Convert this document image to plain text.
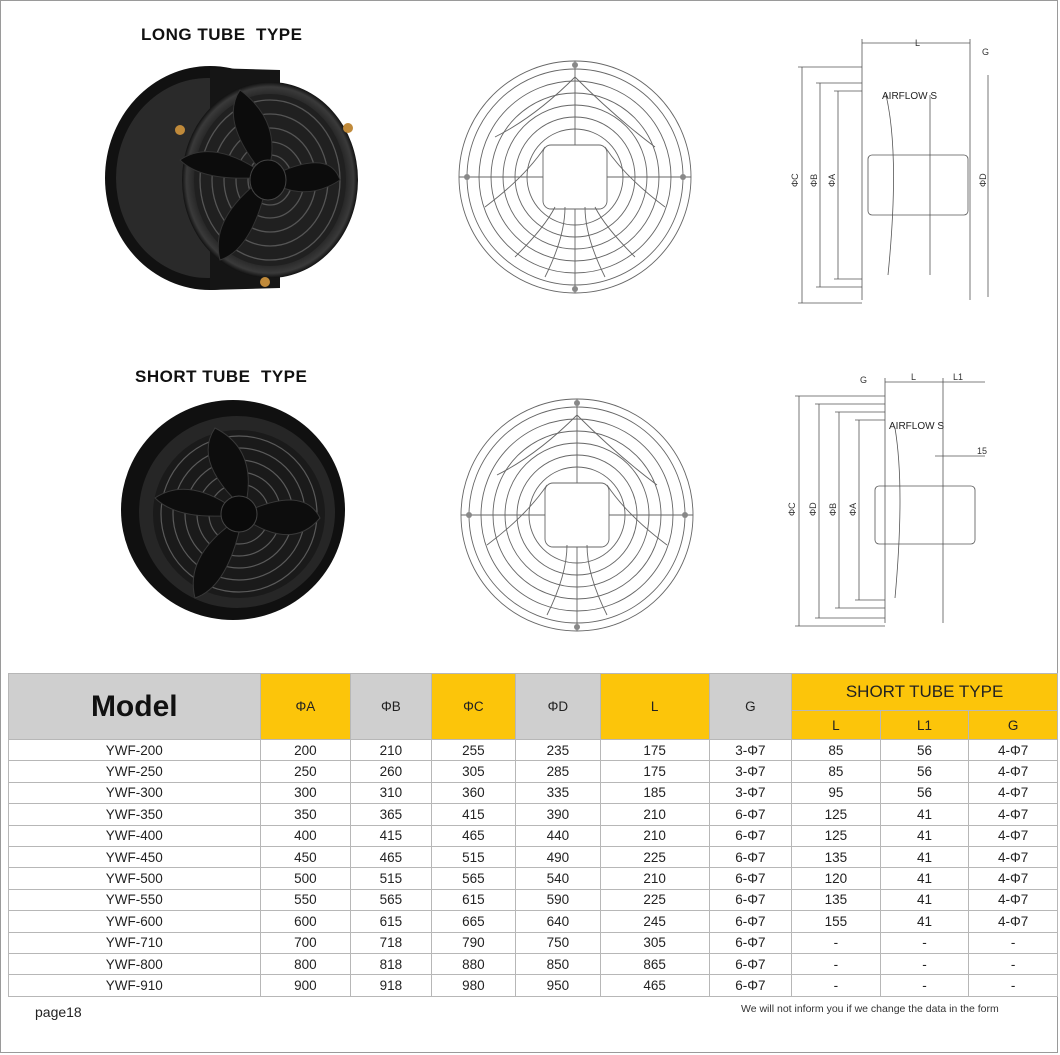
LONG TUBE  TYPE	L
G
AIRFLOW S
ΦC ΦB ΦA	ΦD
SHORT TUBE  TYPE	G	L	L1
15
AIRFLOW S
ΦC ΦD ΦB ΦA
Model	ΦA	ΦB	ΦC	ΦD	L	G	SHORT TUBE TYPE		
							L	L1	G
YWF-200	200	210	255	235	175	3-Φ7	85	56	4-Φ7
YWF-250	250	260	305	285	175	3-Φ7	85	56	4-Φ7
YWF-300	300	310	360	335	185	3-Φ7	95	56	4-Φ7
YWF-350	350	365	415	390	210	6-Φ7	125	41	4-Φ7
YWF-400	400	415	465	440	210	6-Φ7	125	41	4-Φ7
YWF-450	450	465	515	490	225	6-Φ7	135	41	4-Φ7
YWF-500	500	515	565	540	210	6-Φ7	120	41	4-Φ7
YWF-550	550	565	615	590	225	6-Φ7	135	41	4-Φ7
YWF-600	600	615	665	640	245	6-Φ7	155	41	4-Φ7
YWF-710	700	718	790	750	305	6-Φ7	-	-	-
YWF-800	800	818	880	850	865	6-Φ7	-	-	-
YWF-910	900	918	980	950	465	6-Φ7	-	-	-
page18	We will not inform you if we change the data in the form
